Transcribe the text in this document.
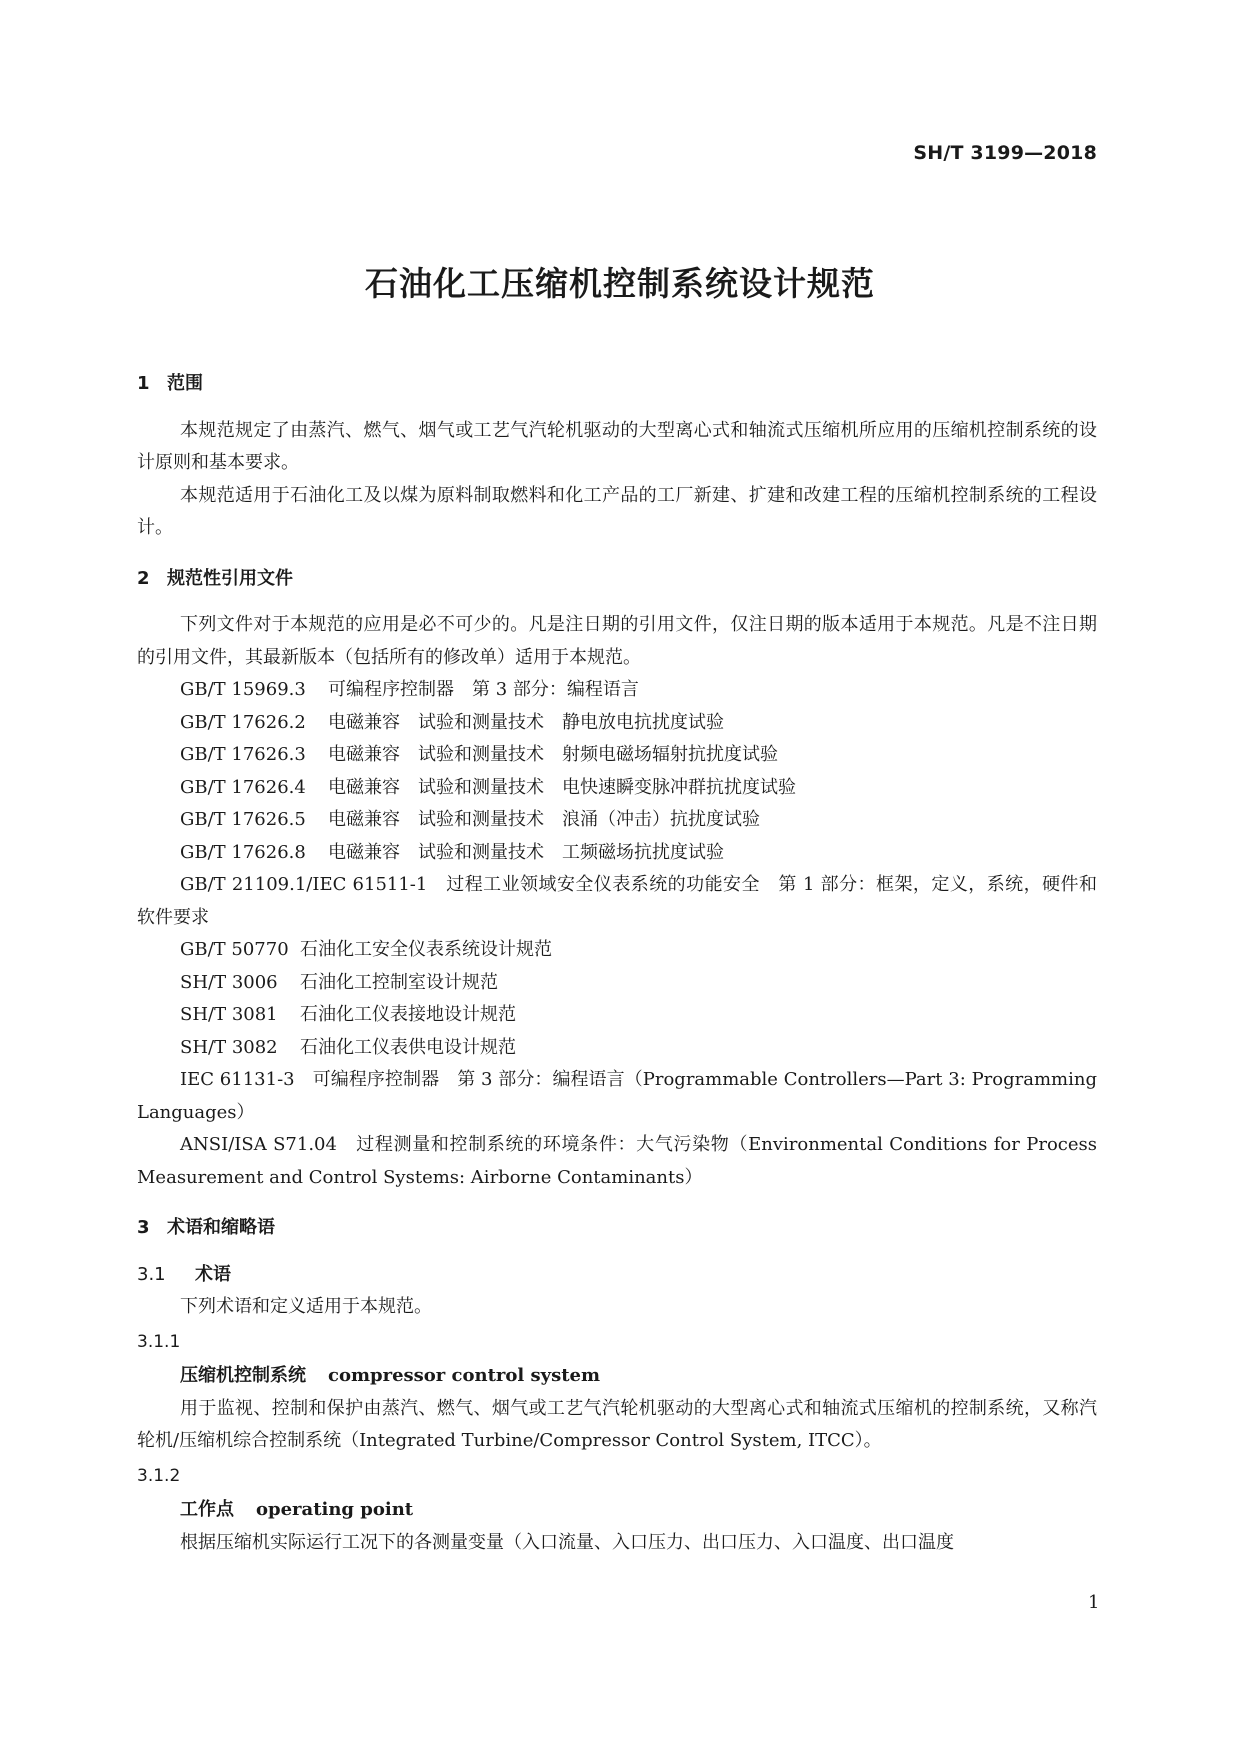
SH/T 3199—2018
石油化工压缩机控制系统设计规范
1 范围
本规范规定了由蒸汽、燃气、烟气或工艺气汽轮机驱动的大型离心式和轴流式压缩机所应用的压缩机控制系统的设计原则和基本要求。
本规范适用于石油化工及以煤为原料制取燃料和化工产品的工厂新建、扩建和改建工程的压缩机控制系统的工程设计。
2 规范性引用文件
下列文件对于本规范的应用是必不可少的。凡是注日期的引用文件，仅注日期的版本适用于本规范。凡是不注日期的引用文件，其最新版本（包括所有的修改单）适用于本规范。
GB/T 15969.3 可编程序控制器　第 3 部分：编程语言
GB/T 17626.2 电磁兼容　试验和测量技术　静电放电抗扰度试验
GB/T 17626.3 电磁兼容　试验和测量技术　射频电磁场辐射抗扰度试验
GB/T 17626.4 电磁兼容　试验和测量技术　电快速瞬变脉冲群抗扰度试验
GB/T 17626.5 电磁兼容　试验和测量技术　浪涌（冲击）抗扰度试验
GB/T 17626.8 电磁兼容　试验和测量技术　工频磁场抗扰度试验
GB/T 21109.1/IEC 61511-1　过程工业领域安全仪表系统的功能安全　第 1 部分：框架，定义，系统，硬件和软件要求
GB/T 50770 石油化工安全仪表系统设计规范
SH/T 3006 石油化工控制室设计规范
SH/T 3081 石油化工仪表接地设计规范
SH/T 3082 石油化工仪表供电设计规范
IEC 61131-3　可编程序控制器　第 3 部分：编程语言（Programmable Controllers—Part 3: Programming Languages）
ANSI/ISA S71.04　过程测量和控制系统的环境条件：大气污染物（Environmental Conditions for Process Measurement and Control Systems: Airborne Contaminants）
3 术语和缩略语
3.1 术语
下列术语和定义适用于本规范。
3.1.1
压缩机控制系统 compressor control system
用于监视、控制和保护由蒸汽、燃气、烟气或工艺气汽轮机驱动的大型离心式和轴流式压缩机的控制系统，又称汽轮机/压缩机综合控制系统（Integrated Turbine/Compressor Control System, ITCC）。
3.1.2
工作点 operating point
根据压缩机实际运行工况下的各测量变量（入口流量、入口压力、出口压力、入口温度、出口温度
1
